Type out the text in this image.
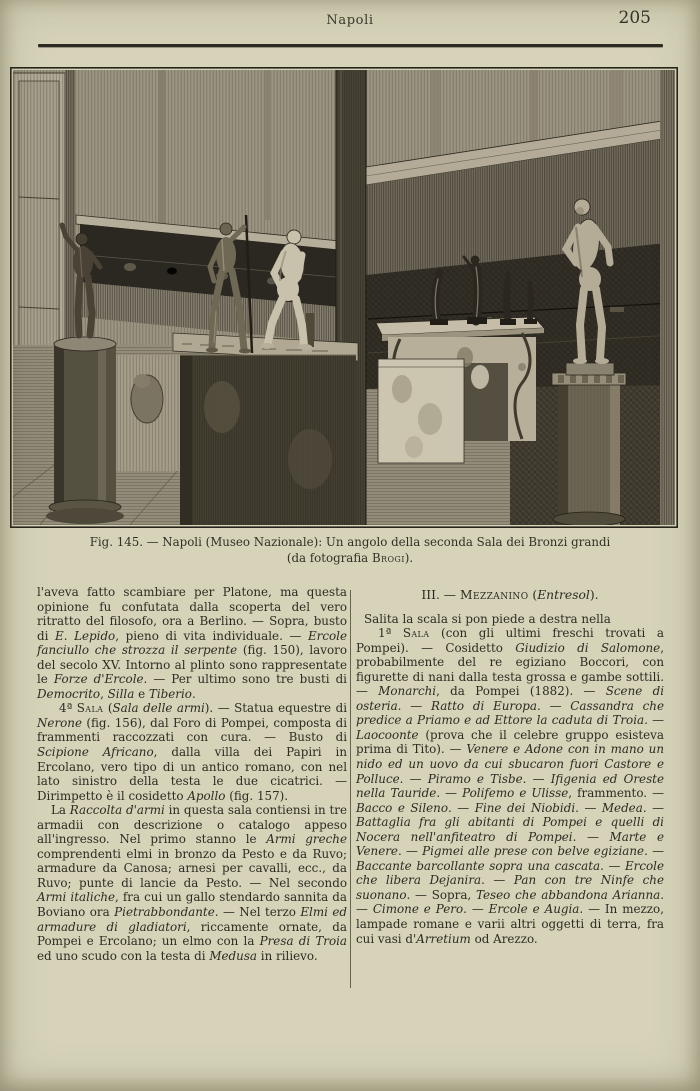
Napoli	205
Fig. 145. — Napoli (Museo Nazionale): Un angolo della seconda Sala dei Bronzi grandi
(da fotografia Brogi).

l'aveva fatto scambiare per Platone, ma questa opinione fu confutata dalla scoperta del vero ritratto del filosofo, ora a Berlino. — Sopra, busto di E. Lepido, pieno di vita individuale. — Ercole fanciullo che strozza il serpente (fig. 150), lavoro del secolo XV. Intorno al plinto sono rappresentate le Forze d'Ercole. — Per ultimo sono tre busti di Democrito, Silla e Tiberio.

4ª Sala (Sala delle armi). — Statua equestre di Nerone (fig. 156), dal Foro di Pompei, composta di frammenti raccozzati con cura. — Busto di Scipione Africano, dalla villa dei Papiri in Ercolano, vero tipo di un antico romano, con nel lato sinistro della testa le due cicatrici. — Dirimpetto è il cosidetto Apollo (fig. 157).

La Raccolta d'armi in questa sala contiensi in tre armadii con descrizione o catalogo appeso all'ingresso. Nel primo stanno le Armi greche comprendenti elmi in bronzo da Pesto e da Ruvo; armadure da Canosa; arnesi per cavalli, ecc., da Ruvo; punte di lancie da Pesto. — Nel secondo Armi italiche, fra cui un gallo stendardo sannita da Boviano ora Pietrabbondante. — Nel terzo Elmi ed armadure di gladiatori, riccamente ornate, da Pompei e Ercolano; un elmo con la Presa di Troia ed uno scudo con la testa di Medusa in rilievo.

III. — Mezzanino (Entresol).

Salita la scala si pon piede a destra nella

1ª Sala (con gli ultimi freschi trovati a Pompei). — Cosidetto Giudizio di Salomone, probabilmente del re egiziano Boccori, con figurette di nani dalla testa grossa e gambe sottili. — Monarchi, da Pompei (1882). — Scene di osteria. — Ratto di Europa. — Cassandra che predice a Priamo e ad Ettore la caduta di Troia. — Laocoonte (prova che il celebre gruppo esisteva prima di Tito). — Venere e Adone con in mano un nido ed un uovo da cui sbucaron fuori Castore e Polluce. — Piramo e Tisbe. — Ifigenia ed Oreste nella Tauride. — Polifemo e Ulisse, frammento. — Bacco e Sileno. — Fine dei Niobidi. — Medea. — Battaglia fra gli abitanti di Pompei e quelli di Nocera nell'anfiteatro di Pompei. — Marte e Venere. — Pigmei alle prese con belve egiziane. — Baccante barcollante sopra una cascata. — Ercole che libera Dejanira. — Pan con tre Ninfe che suonano. — Sopra, Teseo che abbandona Arianna. — Cimone e Pero. — Ercole e Augia. — In mezzo, lampade romane e varii altri oggetti di terra, fra cui vasi d'Arretium od Arezzo.
